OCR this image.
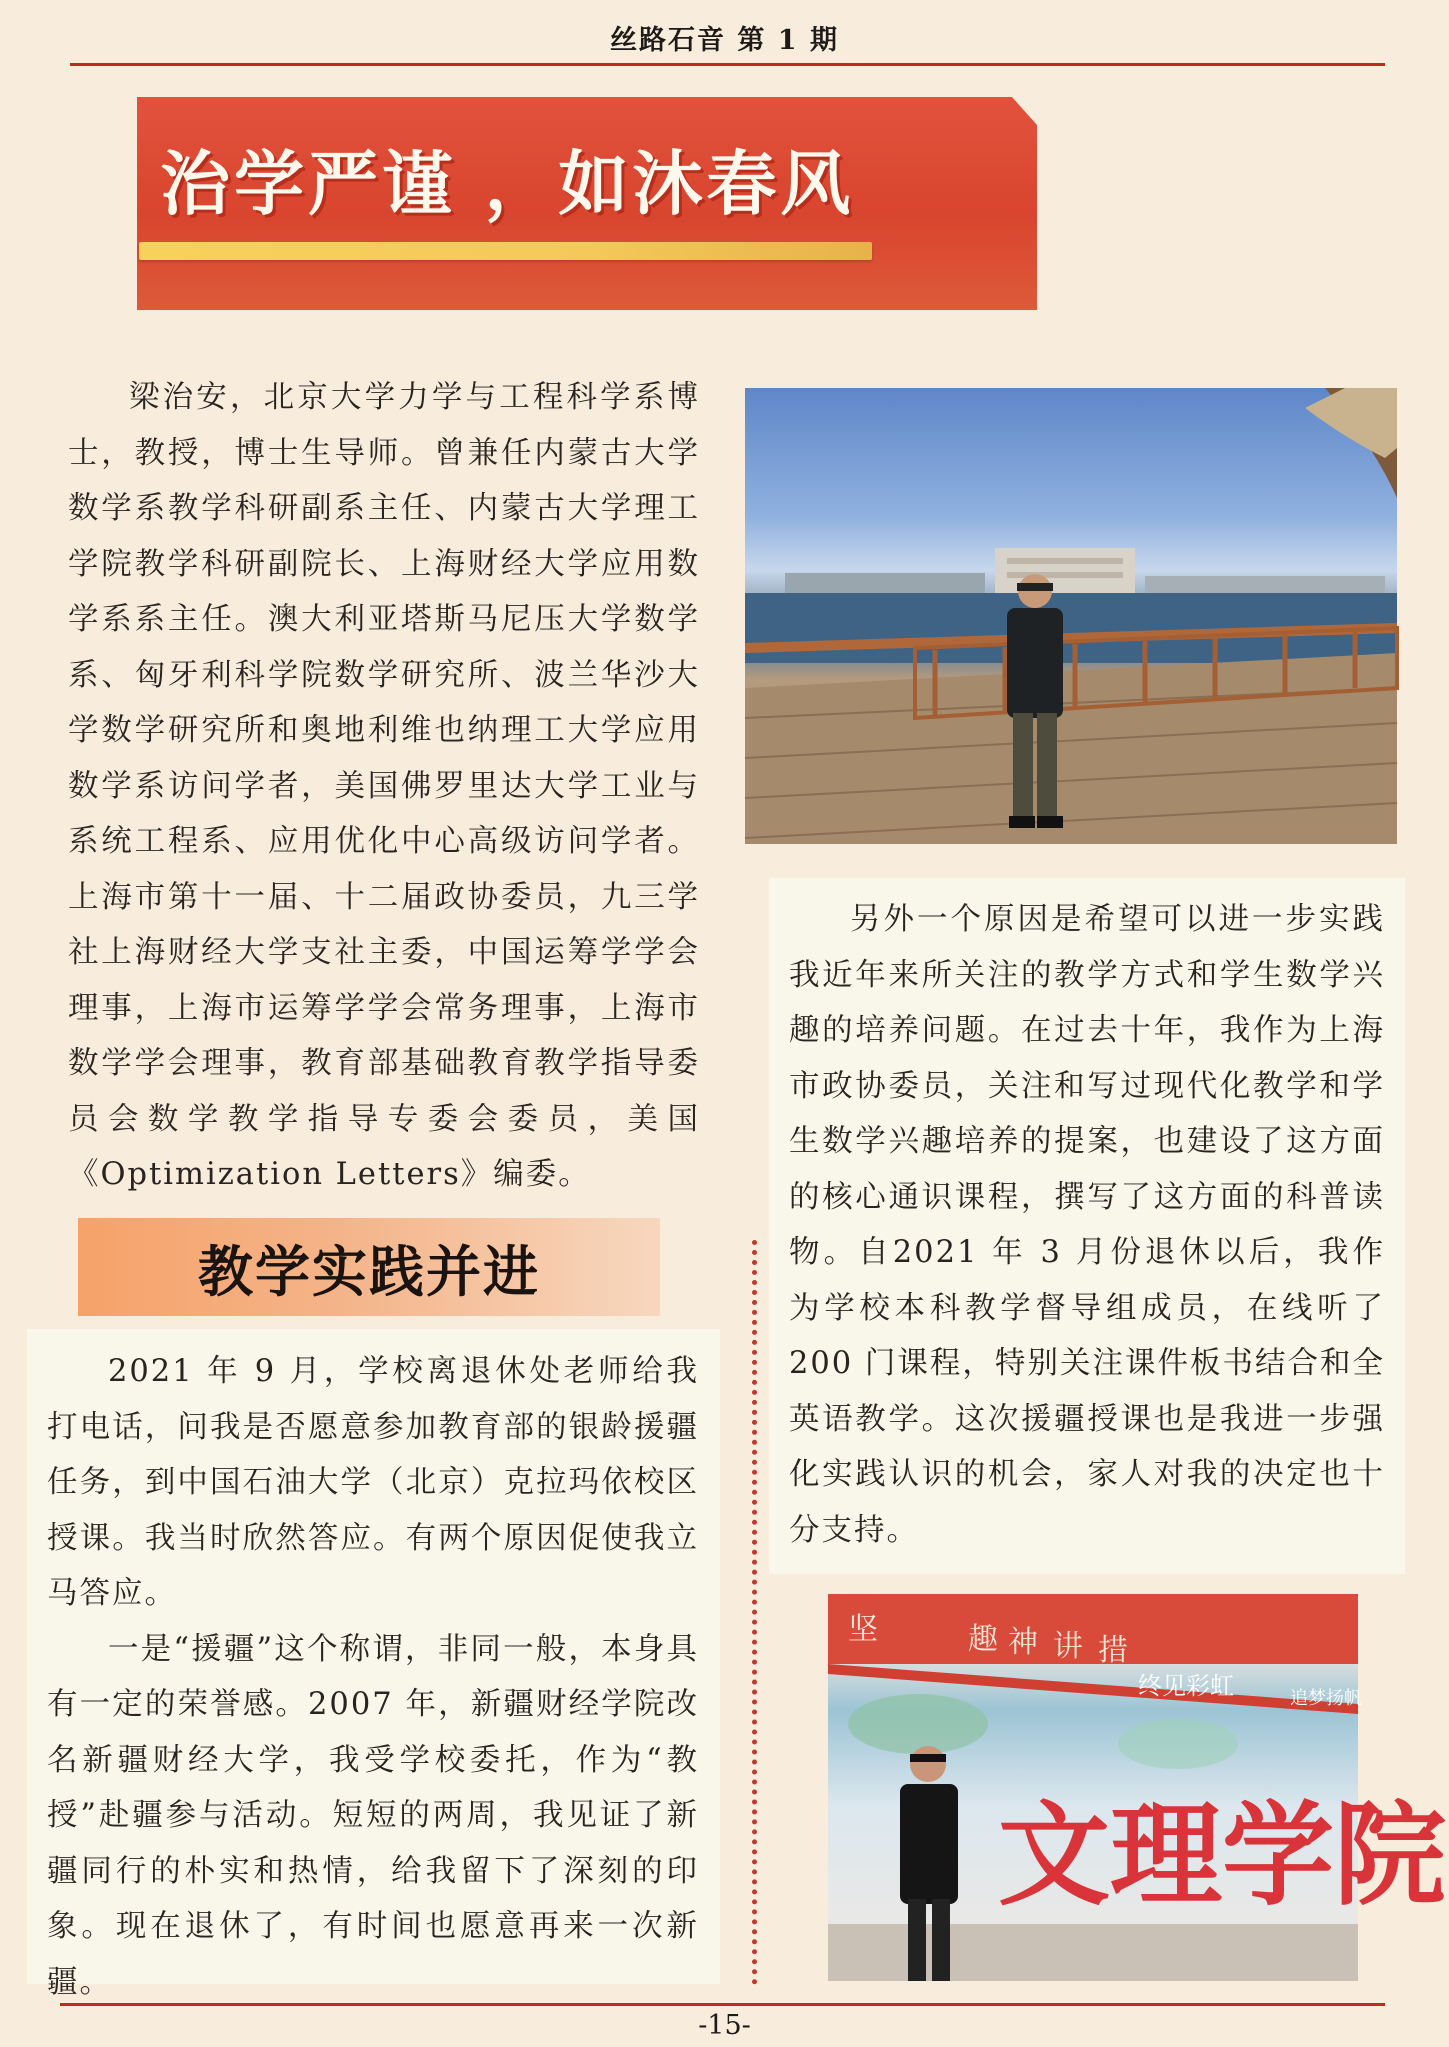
丝路石音 第 1 期
治学严谨 ，如沐春风

梁治安，北京大学力学与工程科学系博士，教授，博士生导师。曾兼任内蒙古大学数学系教学科研副系主任、内蒙古大学理工学院教学科研副院长、上海财经大学应用数学系系主任。澳大利亚塔斯马尼压大学数学系、匈牙利科学院数学研究所、波兰华沙大学数学研究所和奥地利维也纳理工大学应用数学系访问学者，美国佛罗里达大学工业与系统工程系、应用优化中心高级访问学者。上海市第十一届、十二届政协委员，九三学社上海财经大学支社主委，中国运筹学学会理事，上海市运筹学学会常务理事，上海市数学学会理事，教育部基础教育教学指导委员会数学教学指导专委会委员，美国《Optimization Letters》编委。

另外一个原因是希望可以进一步实践我近年来所关注的教学方式和学生数学兴趣的培养问题。在过去十年，我作为上海市政协委员，关注和写过现代化教学和学生数学兴趣培养的提案，也建设了这方面的核心通识课程，撰写了这方面的科普读物。自2021 年 3 月份退休以后，我作为学校本科教学督导组成员，在线听了200 门课程，特别关注课件板书结合和全英语教学。这次援疆授课也是我进一步强化实践认识的机会，家人对我的决定也十分支持。

教学实践并进

2021 年 9 月，学校离退休处老师给我打电话，问我是否愿意参加教育部的银龄援疆任务，到中国石油大学（北京）克拉玛依校区授课。我当时欣然答应。有两个原因促使我立马答应。

一是“援疆”这个称谓，非同一般，本身具有一定的荣誉感。2007 年，新疆财经学院改名新疆财经大学，我受学校委托，作为“教授”赴疆参与活动。短短的两周，我见证了新疆同行的朴实和热情，给我留下了深刻的印象。现在退休了，有时间也愿意再来一次新疆。

坚	趣 神 讲 措
终见彩虹	追梦扬帆
文理学院
-15-
